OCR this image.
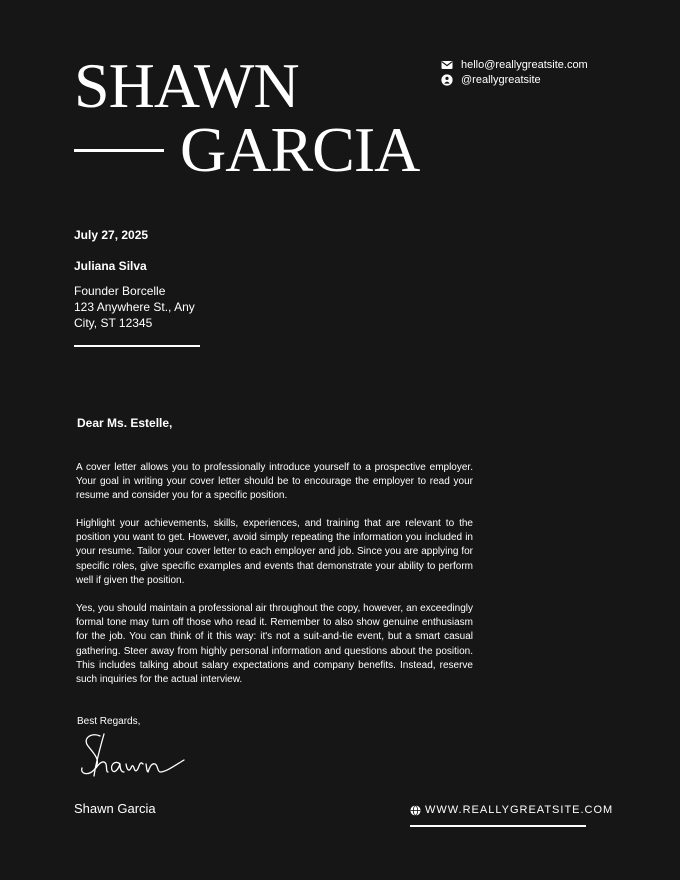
SHAWN
GARCIA
hello@reallygreatsite.com
@reallygreatsite
July 27, 2025
Juliana Silva
Founder Borcelle
123 Anywhere St., Any
City, ST 12345
Dear Ms. Estelle,

A cover letter allows you to professionally introduce yourself to a prospective employer. Your goal in writing your cover letter should be to encourage the employer to read your resume and consider you for a specific position.

Highlight your achievements, skills, experiences, and training that are relevant to the position you want to get. However, avoid simply repeating the information you included in your resume. Tailor your cover letter to each employer and job. Since you are applying for specific roles, give specific examples and events that demonstrate your ability to perform well if given the position.

Yes, you should maintain a professional air throughout the copy, however, an exceedingly formal tone may turn off those who read it. Remember to also show genuine enthusiasm for the job. You can think of it this way: it's not a suit-and-tie event, but a smart casual gathering. Steer away from highly personal information and questions about the position. This includes talking about salary expectations and company benefits. Instead, reserve such inquiries for the actual interview.

Best Regards,
Shawn Garcia	WWW.REALLYGREATSITE.COM
